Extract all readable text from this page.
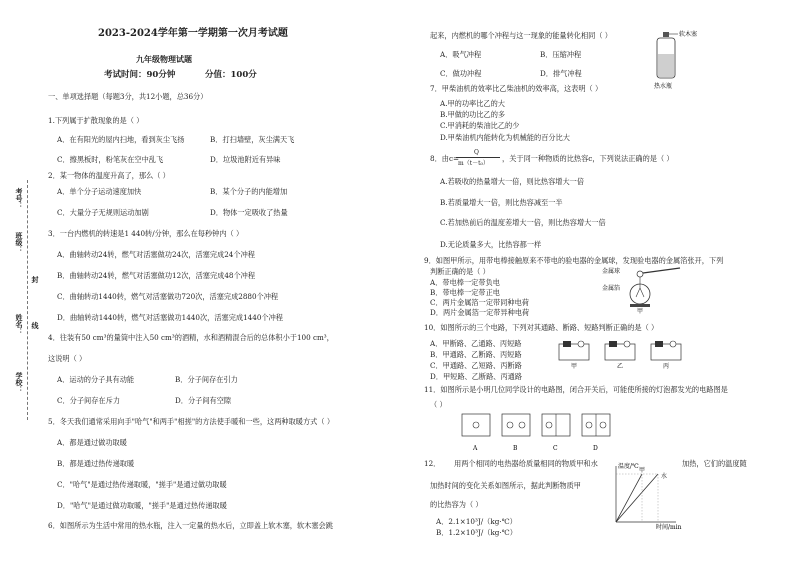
考号：
班级：
封
姓名： 线
学校：
2023-2024学年第一学期第一次月考试题
九年级物理试题
考试时间：90分钟	分值：100分
一、单项选择题（每题3分，共12小题，总36分）
1.下列属于扩散现象的是（ ）
A．在有阳光的屋内扫地，看到灰尘飞扬	B．打扫墙壁，灰尘满天飞
C．擦黑板时，粉笔灰在空中乱飞	D．垃圾池附近有异味
2．某一物体的温度升高了，那么（ ）
A．单个分子运动速度加快	B．某个分子的内能增加
C．大量分子无规则运动加剧	D．物体一定吸收了热量
3．一台内燃机的转速是1 440转/分钟，那么在每秒钟内（ ）
A．曲轴转动24转，燃气对活塞做功24次，活塞完成24个冲程
B．曲轴转动24转，燃气对活塞做功12次，活塞完成48个冲程
C．曲轴转动1440转，燃气对活塞做功720次，活塞完成2880个冲程
D．曲轴转动1440转，燃气对活塞做功1440次，活塞完成1440个冲程
4．往装有50 cm³的量筒中注入50 cm³的酒精，水和酒精混合后的总体积小于100 cm³，
这说明（ ）
A．运动的分子具有动能	B．分子间存在引力
C．分子间存在斥力	D．分子间有空隙
5．冬天我们通常采用向手"哈气"和两手"相搓"的方法使手暖和一些，这两种取暖方式（ ）
A．都是通过做功取暖
B．都是通过热传递取暖
C．"哈气"是通过热传递取暖，"搓手"是通过做功取暖
D．"哈气"是通过做功取暖，"搓手"是通过热传递取暖
6．如图所示为生活中常用的热水瓶，注入一定量的热水后，立即盖上软木塞，软木塞会跳
起来，内燃机的哪个冲程与这一现象的能量转化相同（ ）
A．吸气冲程	B．压缩冲程
C．做功冲程	D．排气冲程
软木塞
热水瓶
7．甲柴油机的效率比乙柴油机的效率高，这表明（ ）
A.甲的功率比乙的大
B.甲做的功比乙的多
C.甲消耗的柴油比乙的少
D.甲柴油机内能转化为机械能的百分比大
8．由c=
Q
m（t－t₀）
，关于同一种物质的比热容c，下列说法正确的是（ ）
A.若吸收的热量增大一倍，则比热容增大一倍
B.若质量增大一倍，则比热容减至一半
C.若加热前后的温度差增大一倍，则比热容增大一倍
D.无论质量多大，比热容都一样
9．如图甲所示，用带电棒接触原来不带电的验电器的金属球，发现验电器的金属箔张开，下列
判断正确的是（ ）
A．带电棒一定带负电
B．带电棒一定带正电
C．两片金属箔一定带同种电荷
D．两片金属箔一定带异种电荷
金属球
金属箔
甲
10．如图所示的三个电路，下列对其通路、断路、短路判断正确的是（ ）
A．甲断路、乙通路、丙短路
B．甲通路、乙断路、丙短路
C．甲通路、乙短路、丙断路
D．甲短路、乙断路、丙通路
甲	乙	丙
11．如图所示是小明几位同学设计的电路图，闭合开关后，可能使所接的灯泡都发光的电路图是
（ ）
A	B	C	D
12． 用两个相同的电热器给质量相同的物质甲和水	加热，它们的温度随
加热时间的变化关系如图所示，据此判断物质甲
的比热容为（ ）
A．2.1×10³J/（kg·℃）
B．1.2×10³J/（kg·℃）
温度/℃
时间/min
甲
水
